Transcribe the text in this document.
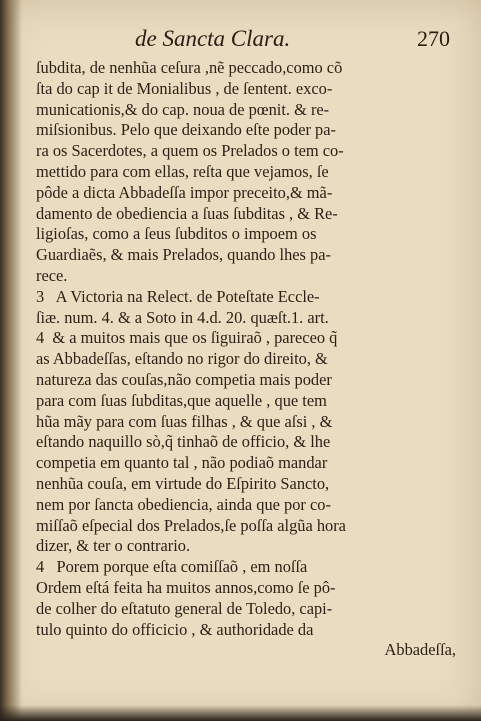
de Sancta Clara.	270
ſubdita, de nenhũa ceſura ,nẽ peccado,como cõ
ſta do cap it de Monialibus , de ſentent. exco-
municationis,& do cap. noua de pœnit. & re-
miſsionibus. Pelo que deixando eſte poder pa-
ra os Sacerdotes, a quem os Prelados o tem co-
mettido para com ellas, reſta que vejamos, ſe
pôde a dicta Abbadeſſa impor preceito,& mã-
damento de obediencia a ſuas ſubditas , & Re-
ligioſas, como a ſeus ſubditos o impoem os
Guardiaẽs, & mais Prelados, quando lhes pa-
rece.
3   A Victoria na Relect. de Poteſtate Eccle-
ſiæ. num. 4. & a Soto in 4.d. 20. quæſt.1. art.
4  & a muitos mais que os ſiguiraõ , pareceo q̃
as Abbadeſſas, eſtando no rigor do direito, &
natureza das couſas,não competia mais poder
para com ſuas ſubditas,que aquelle , que tem
hũa mãy para com ſuas filhas , & que aſsi , &
eſtando naquillo sò,q̃ tinhaõ de officio, & lhe
competia em quanto tal , não podiaõ mandar
nenhũa couſa, em virtude do Eſpirito Sancto,
nem por ſancta obediencia, ainda que por co-
miſſaõ eſpecial dos Prelados,ſe poſſa algũa hora
dizer, & ter o contrario.
4   Porem porque eſta comiſſaõ , em noſſa
Ordem eſtá feita ha muitos annos,como ſe pô-
de colher do eſtatuto general de Toledo, capi-
tulo quinto do officicio , & authoridade da
Abbadeſſa,
